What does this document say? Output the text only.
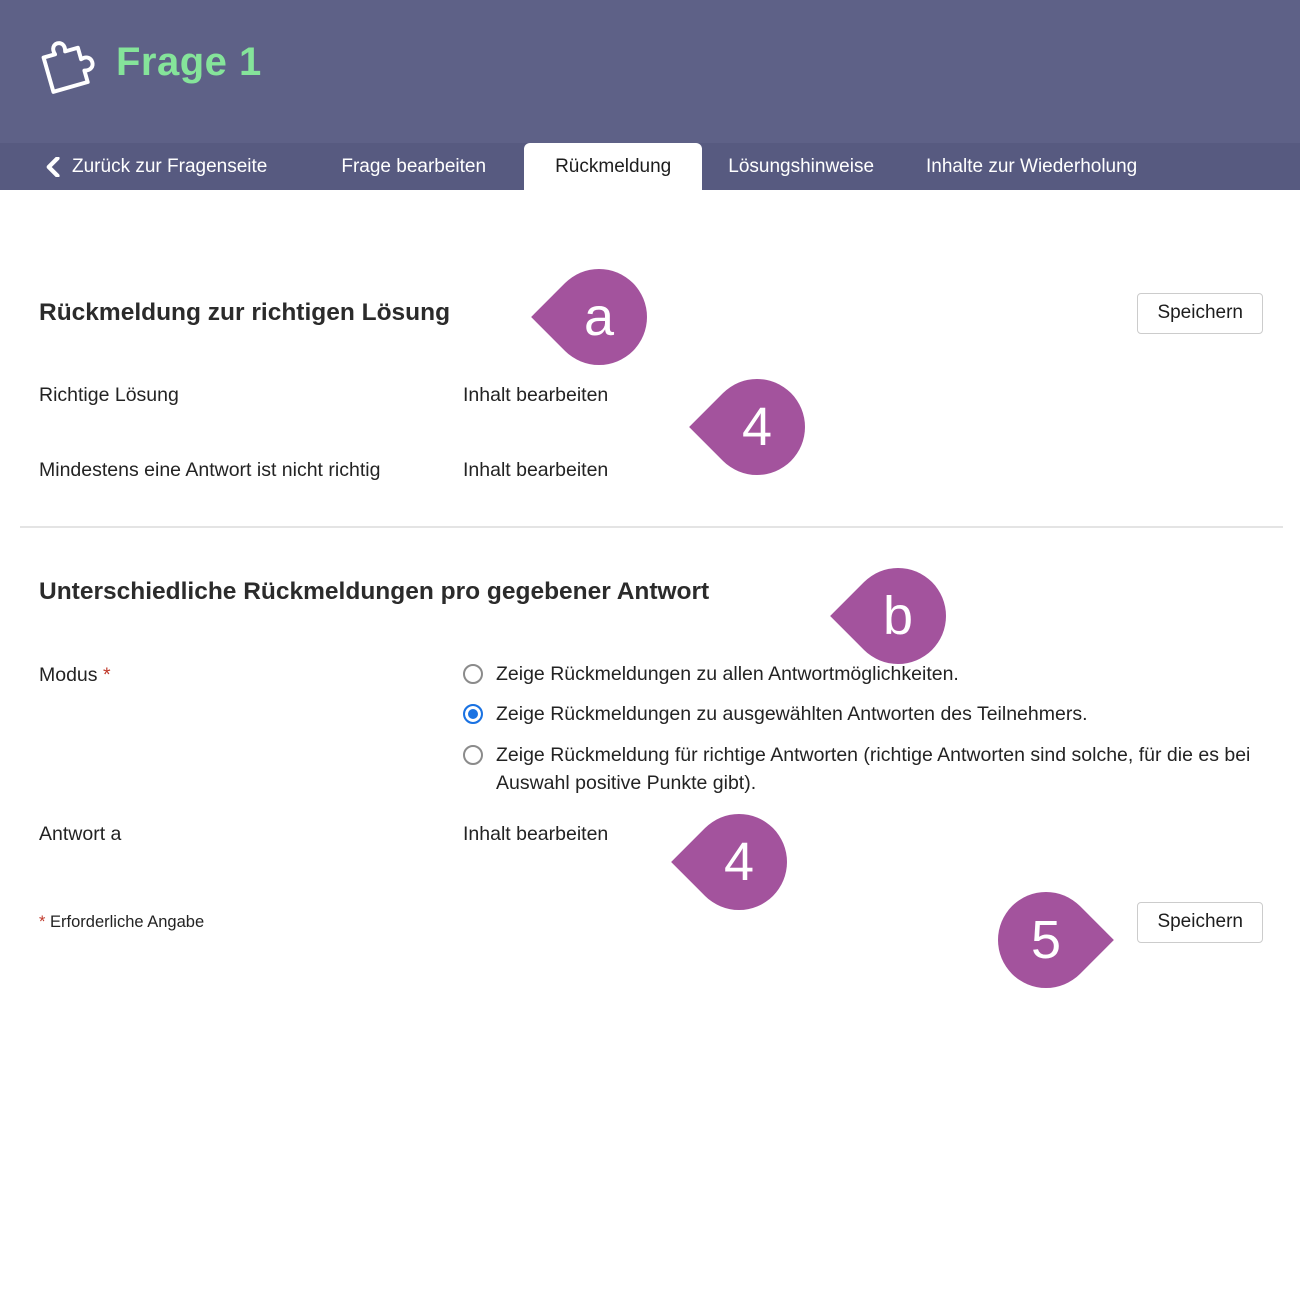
Frage 1
Zurück zur Fragenseite	Frage bearbeiten	Rückmeldung	Lösungshinweise	Inhalte zur Wiederholung
Rückmeldung zur richtigen Lösung	Speichern
Richtige Lösung	Inhalt bearbeiten
Mindestens eine Antwort ist nicht richtig	Inhalt bearbeiten
Unterschiedliche Rückmeldungen pro gegebener Antwort
Modus *	Zeige Rückmeldungen zu allen Antwortmöglichkeiten.
Zeige Rückmeldungen zu ausgewählten Antworten des Teilnehmers.
Zeige Rückmeldung für richtige Antworten (richtige Antworten sind solche, für die es bei Auswahl positive Punkte gibt).
Antwort a	Inhalt bearbeiten
* Erforderliche Angabe	Speichern
a
4
b
4
5
